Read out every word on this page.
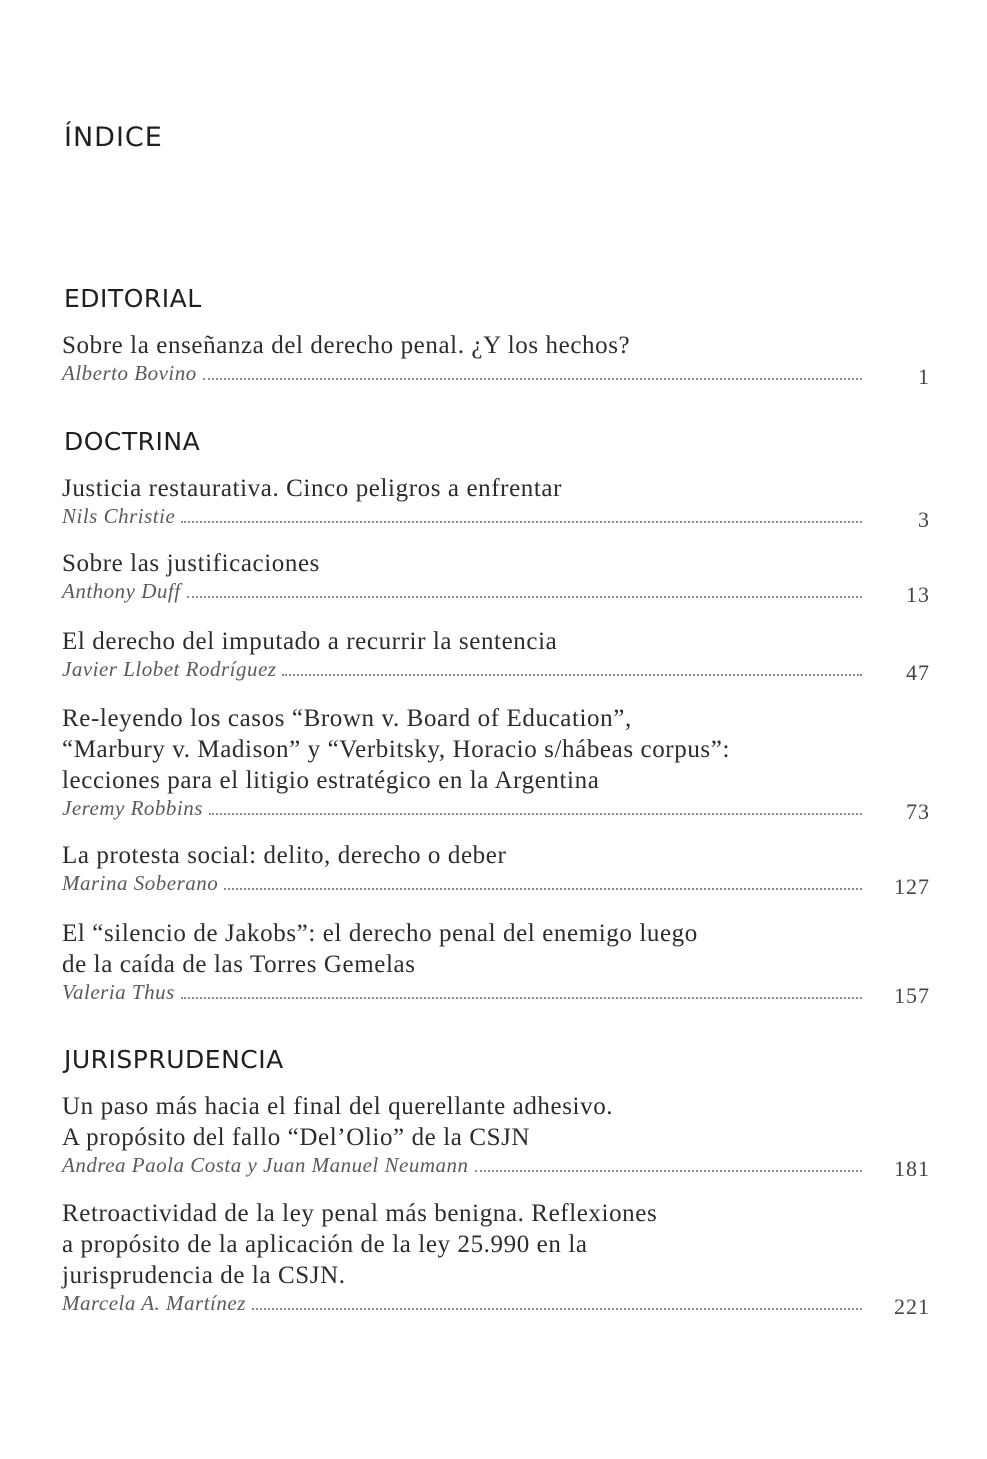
ÍNDICE
EDITORIAL
Sobre la enseñanza del derecho penal. ¿Y los hechos?
Alberto Bovino	1
DOCTRINA
Justicia restaurativa. Cinco peligros a enfrentar
Nils Christie	3
Sobre las justificaciones
Anthony Duff	13
El derecho del imputado a recurrir la sentencia
Javier Llobet Rodríguez	47
Re-leyendo los casos “Brown v. Board of Education”,
“Marbury v. Madison” y “Verbitsky, Horacio s/hábeas corpus”:
lecciones para el litigio estratégico en la Argentina
Jeremy Robbins	73
La protesta social: delito, derecho o deber
Marina Soberano	127
El “silencio de Jakobs”: el derecho penal del enemigo luego
de la caída de las Torres Gemelas
Valeria Thus	157
JURISPRUDENCIA
Un paso más hacia el final del querellante adhesivo.
A propósito del fallo “Del’Olio” de la CSJN
Andrea Paola Costa y Juan Manuel Neumann	181
Retroactividad de la ley penal más benigna. Reflexiones
a propósito de la aplicación de la ley 25.990 en la
jurisprudencia de la CSJN.
Marcela A. Martínez	221
